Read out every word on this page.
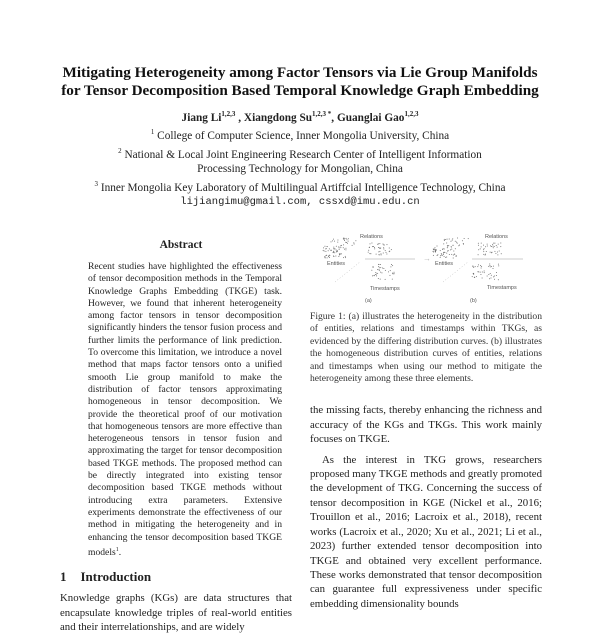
Mitigating Heterogeneity among Factor Tensors via Lie Group Manifolds
for Tensor Decomposition Based Temporal Knowledge Graph Embedding
Jiang Li$^{1,2,3}$ , Xiangdong $Su^{1,2,3 *}$, Guanglai Gao$^{1,2,3}$
$^1$ College of Computer Science, Inner Mongolia University, China
$^2$ National & Local Joint Engineering Research Center of Intelligent Information
Processing Technology for Mongolian, China
$^3$ Inner Mongolia Key Laboratory of Multilingual Artiffcial Intelligence Technology, China
lijiangimu@gmail.com, cssxd@imu.edu.cn
Abstract
Recent studies have highlighted the effectiveness of tensor decomposition methods in the Temporal Knowledge Graphs Embedding (TKGE) task. However, we found that inherent heterogeneity among factor tensors in tensor decomposition significantly hinders the tensor fusion process and further limits the performance of link prediction. To overcome this limitation, we introduce a novel method that maps factor tensors onto a unified smooth Lie group manifold to make the distribution of factor tensors approximating homogeneous in tensor decomposition. We provide the theoretical proof of our motivation that homogeneous tensors are more effective than heterogeneous tensors in tensor fusion and approximating the target for tensor decomposition based TKGE methods. The proposed method can be directly integrated into existing tensor decomposition based TKGE methods without introducing extra parameters. Extensive experiments demonstrate the effectiveness of our method in mitigating the heterogeneity and in enhancing the tensor decomposition based TKGE models$^1$.
1 Introduction
Knowledge graphs (KGs) are data structures that encapsulate knowledge triples of real-world entities and their interrelationships, and are widely
Relations
Entities
Timestamps
(a)
→
Relations
Entities
Timestamps
(b)
Figure 1: (a) illustrates the heterogeneity in the distribution of entities, relations and timestamps within TKGs, as evidenced by the differing distribution curves. (b) illustrates the homogeneous distribution curves of entities, relations and timestamps when using our method to mitigate the heterogeneity among these three elements.

the missing facts, thereby enhancing the richness and accuracy of the KGs and TKGs. This work mainly focuses on TKGE.

As the interest in TKG grows, researchers proposed many TKGE methods and greatly promoted the development of TKG. Concerning the success of tensor decomposition in KGE (Nickel et al., 2016; Trouillon et al., 2016; Lacroix et al., 2018), recent works (Lacroix et al., 2020; Xu et al., 2021; Li et al., 2023) further extended tensor decomposition into TKGE and obtained very excellent performance. These works demonstrated that tensor decomposition can guarantee full expressiveness under specific embedding dimensionality bounds
